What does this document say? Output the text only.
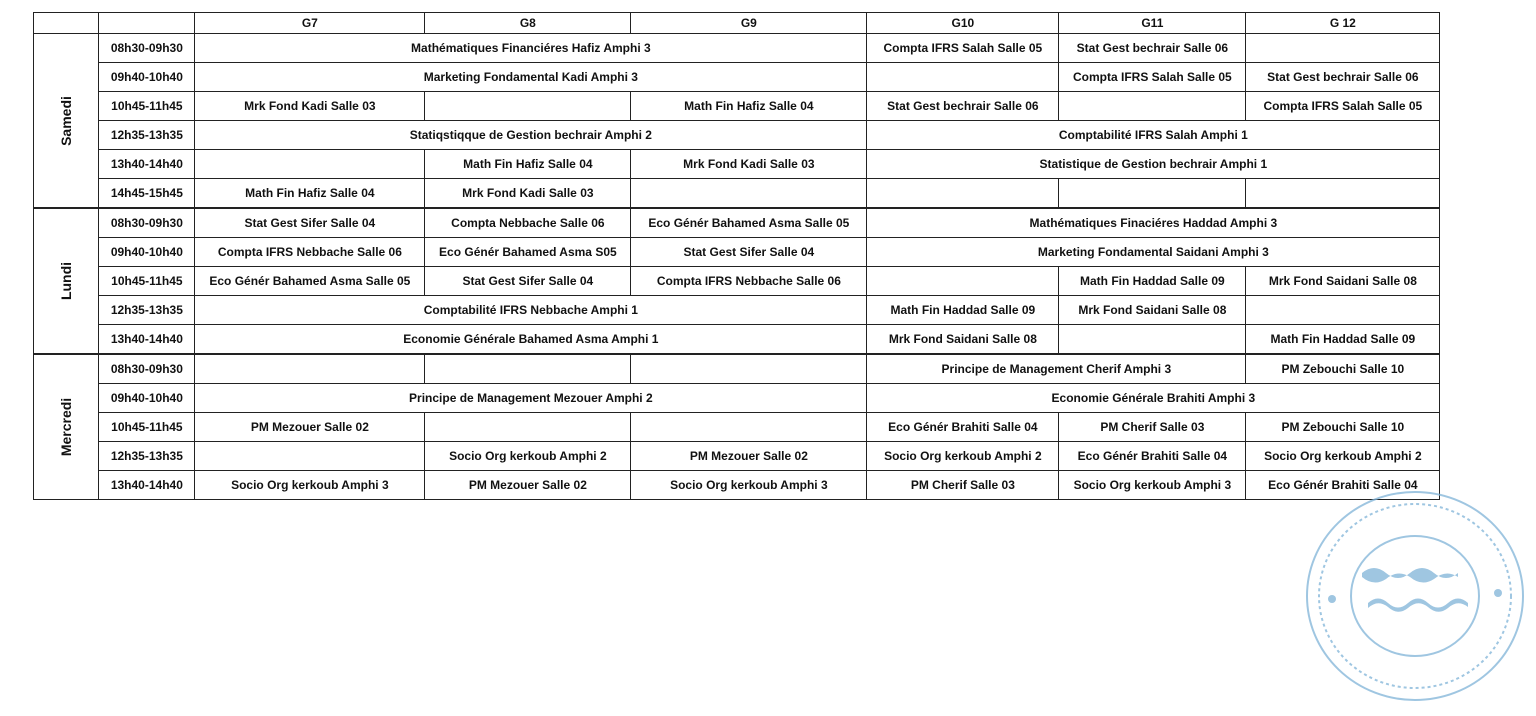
		G7	G8	G9	G10	G11	G 12
Samedi	08h30-09h30	Mathématiques Financiéres Hafiz Amphi 3			Compta IFRS Salah Salle 05	Stat Gest bechrair Salle 06	
	09h40-10h40	Marketing Fondamental Kadi Amphi 3				Compta IFRS Salah Salle 05	Stat Gest bechrair Salle 06
	10h45-11h45	Mrk Fond Kadi Salle 03		Math Fin Hafiz Salle 04	Stat Gest bechrair Salle 06		Compta IFRS Salah Salle 05
	12h35-13h35	Statiqstiqque de Gestion bechrair Amphi 2			Comptabilité IFRS Salah Amphi 1		
	13h40-14h40		Math Fin Hafiz Salle 04	Mrk Fond Kadi Salle 03	Statistique de Gestion bechrair Amphi 1		
	14h45-15h45	Math Fin Hafiz Salle 04	Mrk Fond Kadi Salle 03				
Lundi	08h30-09h30	Stat Gest Sifer Salle 04	Compta Nebbache Salle 06	Eco Génér Bahamed Asma Salle 05	Mathématiques Finaciéres Haddad Amphi 3		
	09h40-10h40	Compta IFRS Nebbache Salle 06	Eco Génér Bahamed Asma S05	Stat Gest Sifer Salle 04	Marketing Fondamental Saidani Amphi 3		
	10h45-11h45	Eco Génér Bahamed Asma Salle 05	Stat Gest Sifer Salle 04	Compta IFRS Nebbache Salle 06		Math Fin Haddad Salle 09	Mrk Fond Saidani Salle 08
	12h35-13h35	Comptabilité IFRS Nebbache Amphi 1			Math Fin Haddad Salle 09	Mrk Fond Saidani Salle 08	
	13h40-14h40	Economie Générale Bahamed Asma Amphi 1			Mrk Fond Saidani Salle 08		Math Fin Haddad Salle 09
Mercredi	08h30-09h30				Principe de Management Cherif Amphi 3		PM Zebouchi Salle 10
	09h40-10h40	Principe de Management Mezouer Amphi 2			Economie Générale Brahiti Amphi 3		
	10h45-11h45	PM Mezouer Salle 02			Eco Génér Brahiti Salle 04	PM Cherif Salle 03	PM Zebouchi Salle 10
	12h35-13h35		Socio Org kerkoub Amphi 2	PM Mezouer Salle 02	Socio Org kerkoub Amphi 2	Eco Génér Brahiti Salle 04	Socio Org kerkoub Amphi 2
	13h40-14h40	Socio Org kerkoub Amphi 3	PM Mezouer Salle 02	Socio Org kerkoub Amphi 3	PM Cherif Salle 03	Socio Org kerkoub Amphi 3	Eco Génér Brahiti Salle 04
